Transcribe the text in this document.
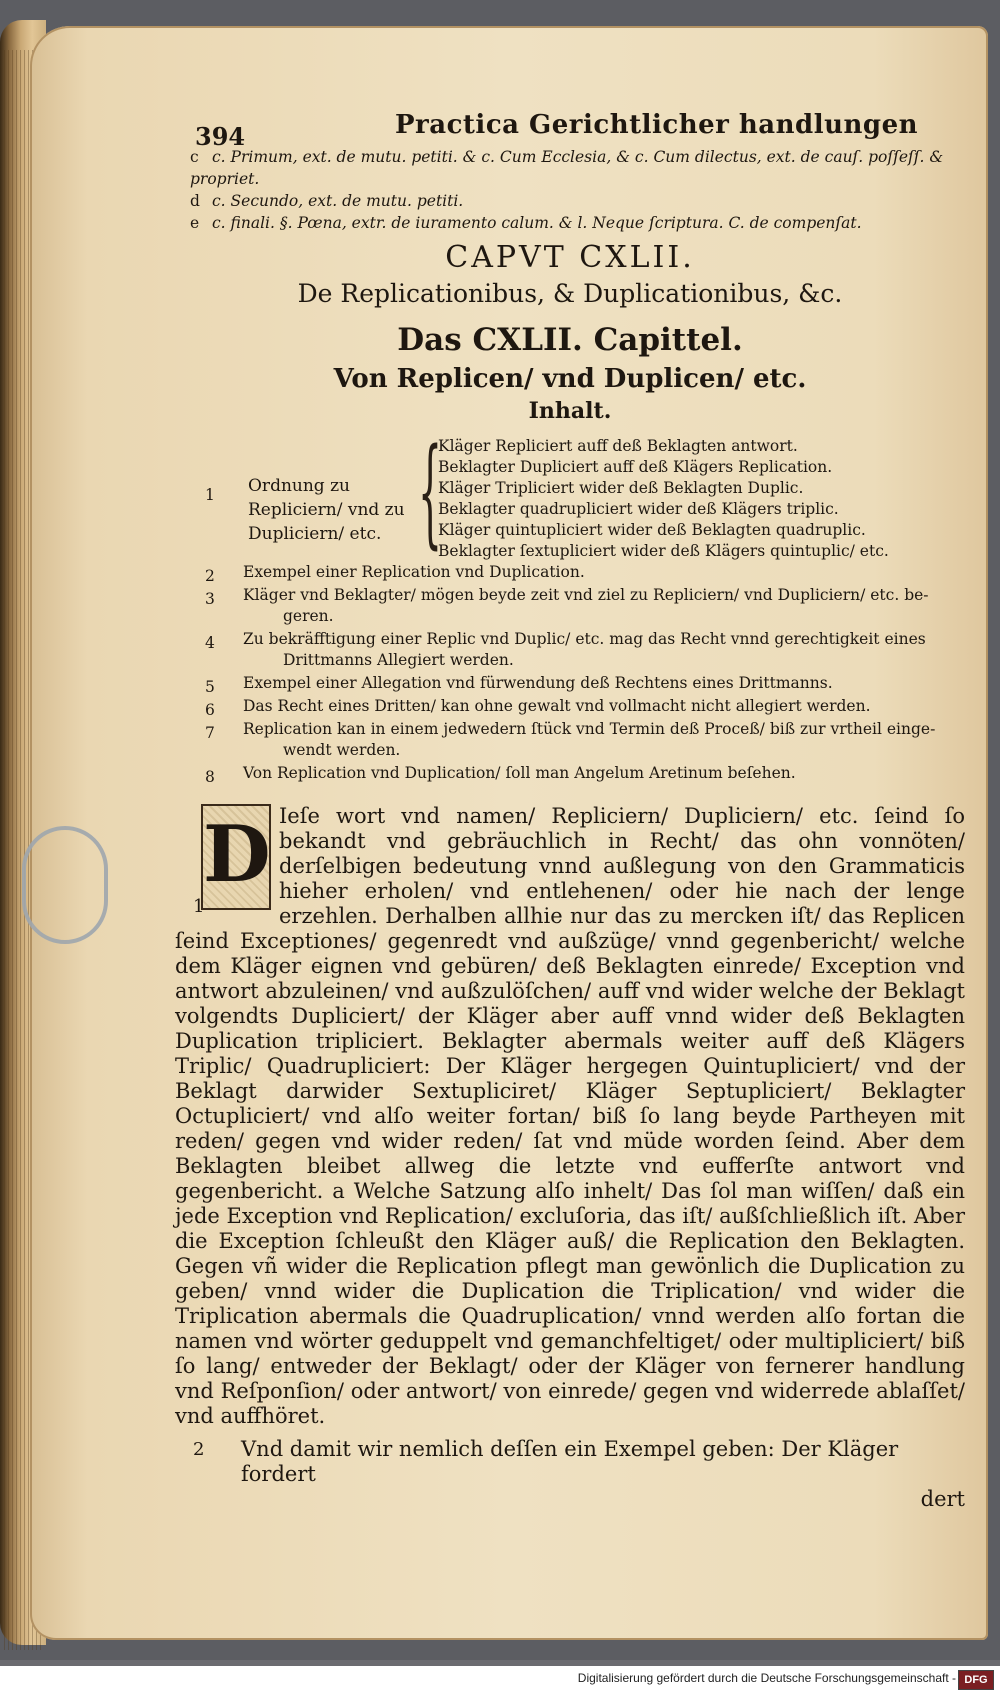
394	Practica Gerichtlicher handlungen
c c. Primum, ext. de mutu. petiti. & c. Cum Ecclesia, & c. Cum dilectus, ext. de cauſ. poſſeſſ. & propriet.
d c. Secundo, ext. de mutu. petiti.
e c. finali. §. Pœna, extr. de iuramento calum. & l. Neque ſcriptura. C. de compenſat.
CAPVT CXLII.
De Replicationibus, & Duplicationibus, &c.
Das CXLII. Capittel.
Von Replicen/ vnd Duplicen/ etc.
Inhalt.
1 Ordnung zu Repliciern/ vnd zu Dupliciern/ etc. {
Kläger Repliciert auff deß Beklagten antwort.
Beklagter Dupliciert auff deß Klägers Replication.
Kläger Tripliciert wider deß Beklagten Duplic.
Beklagter quadrupliciert wider deß Klägers triplic.
Kläger quintupliciert wider deß Beklagten quadruplic.
Beklagter ſextupliciert wider deß Klägers quintuplic/ etc.
2 Exempel einer Replication vnd Duplication.
3 Kläger vnd Beklagter/ mögen beyde zeit vnd ziel zu Repliciern/ vnd Dupliciern/ etc. be-
geren.
4 Zu bekräfftigung einer Replic vnd Duplic/ etc. mag das Recht vnnd gerechtigkeit eines
Drittmanns Allegiert werden.
5 Exempel einer Allegation vnd fürwendung deß Rechtens eines Drittmanns.
6 Das Recht eines Dritten/ kan ohne gewalt vnd vollmacht nicht allegiert werden.
7 Replication kan in einem jedwedern ſtück vnd Termin deß Proceß/ biß zur vrtheil einge-
wendt werden.
8 Von Replication vnd Duplication/ ſoll man Angelum Aretinum beſehen.
1
D Ieſe wort vnd namen/ Repliciern/ Dupliciern/ etc. ſeind ſo bekandt vnd gebräuchlich in Recht/ das ohn vonnöten/ derſelbigen bedeutung vnnd außlegung von den Grammaticis hieher erholen/ vnd entlehenen/ oder hie nach der lenge erzehlen. Derhalben allhie nur das zu mercken iſt/ das Replicen ſeind Exceptiones/ gegenredt vnd außzüge/ vnnd gegenbericht/ welche dem Kläger eignen vnd gebüren/ deß Beklagten einrede/ Exception vnd antwort abzuleinen/ vnd außzulöſchen/ auff vnd wider welche der Beklagt volgendts Dupliciert/ der Kläger aber auff vnnd wider deß Beklagten Duplication tripliciert. Beklagter abermals weiter auff deß Klägers Triplic/ Quadrupliciert: Der Kläger hergegen Quintupliciert/ vnd der Beklagt darwider Sextupliciret/ Kläger Septupliciert/ Beklagter Octupliciert/ vnd alſo weiter fortan/ biß ſo lang beyde Partheyen mit reden/ gegen vnd wider reden/ ſat vnd müde worden ſeind. Aber dem Beklagten bleibet allweg die letzte vnd eufferſte antwort vnd gegenbericht. a Welche Satzung alſo inhelt/ Das ſol man wiſſen/ daß ein jede Exception vnd Replication/ excluſoria, das iſt/ außſchließlich iſt. Aber die Exception ſchleußt den Kläger auß/ die Replication den Beklagten. Gegen vñ wider die Replication pflegt man gewönlich die Duplication zu geben/ vnnd wider die Duplication die Triplication/ vnd wider die Triplication abermals die Quadruplication/ vnnd werden alſo fortan die namen vnd wörter geduppelt vnd gemanchfeltiget/ oder multipliciert/ biß ſo lang/ entweder der Beklagt/ oder der Kläger von fernerer handlung vnd Reſponſion/ oder antwort/ von einrede/ gegen vnd widerrede ablaſſet/ vnd auffhöret.
2 Vnd damit wir nemlich deſſen ein Exempel geben: Der Kläger fordert
dert
Digitalisierung gefördert durch die Deutsche Forschungsgemeinschaft - DFG
